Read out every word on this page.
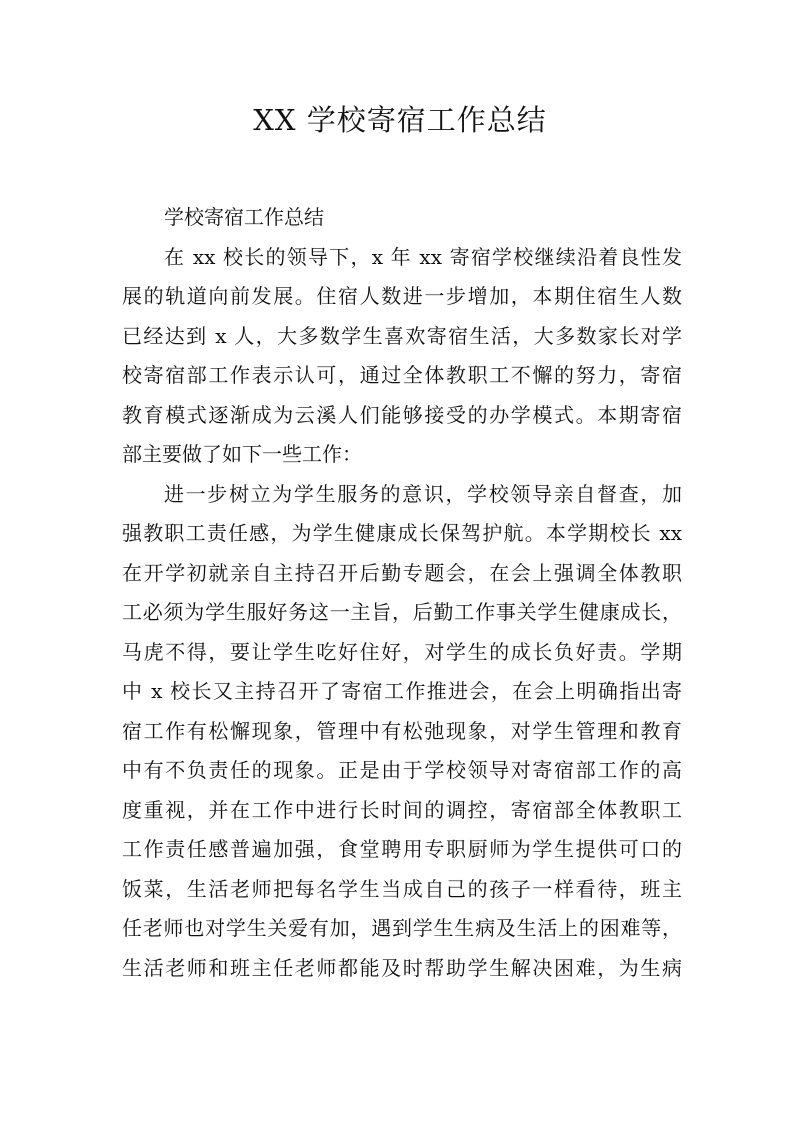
XX 学校寄宿工作总结
学校寄宿工作总结
在 xx 校长的领导下，x 年 xx 寄宿学校继续沿着良性发
展的轨道向前发展。住宿人数进一步增加，本期住宿生人数
已经达到 x 人，大多数学生喜欢寄宿生活，大多数家长对学
校寄宿部工作表示认可，通过全体教职工不懈的努力，寄宿
教育模式逐渐成为云溪人们能够接受的办学模式。本期寄宿
部主要做了如下一些工作：
进一步树立为学生服务的意识，学校领导亲自督查，加
强教职工责任感，为学生健康成长保驾护航。本学期校长 xx
在开学初就亲自主持召开后勤专题会，在会上强调全体教职
工必须为学生服好务这一主旨，后勤工作事关学生健康成长，
马虎不得，要让学生吃好住好，对学生的成长负好责。学期
中 x 校长又主持召开了寄宿工作推进会，在会上明确指出寄
宿工作有松懈现象，管理中有松弛现象，对学生管理和教育
中有不负责任的现象。正是由于学校领导对寄宿部工作的高
度重视，并在工作中进行长时间的调控，寄宿部全体教职工
工作责任感普遍加强，食堂聘用专职厨师为学生提供可口的
饭菜，生活老师把每名学生当成自己的孩子一样看待，班主
任老师也对学生关爱有加，遇到学生生病及生活上的困难等，
生活老师和班主任老师都能及时帮助学生解决困难，为生病
